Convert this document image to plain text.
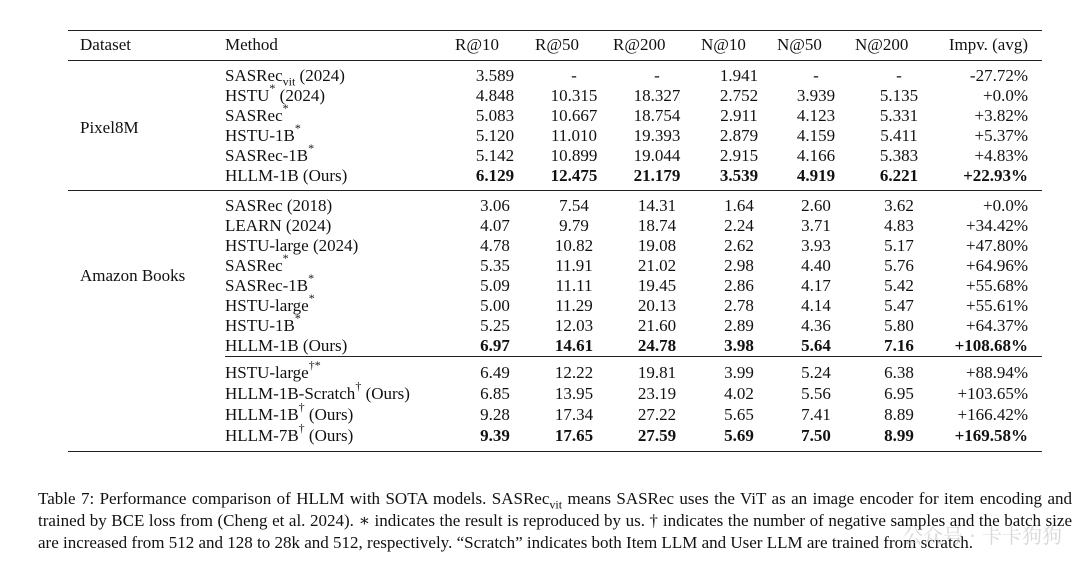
Dataset	Method	R@10	R@50	R@200	N@10	N@50	N@200	Impv. (avg)
Pixel8M	SASRec$_{vit}$ (2024)	3.589	-	-	1.941	-	-	-27.72%
	HSTU* (2024)	4.848	10.315	18.327	2.752	3.939	5.135	+0.0%
	SASRec*	5.083	10.667	18.754	2.911	4.123	5.331	+3.82%
	HSTU-1B*	5.120	11.010	19.393	2.879	4.159	5.411	+5.37%
	SASRec-1B*	5.142	10.899	19.044	2.915	4.166	5.383	+4.83%
	HLLM-1B (Ours)	6.129	12.475	21.179	3.539	4.919	6.221	+22.93%
Amazon Books	SASRec (2018)	3.06	7.54	14.31	1.64	2.60	3.62	+0.0%
	LEARN (2024)	4.07	9.79	18.74	2.24	3.71	4.83	+34.42%
	HSTU-large (2024)	4.78	10.82	19.08	2.62	3.93	5.17	+47.80%
	SASRec*	5.35	11.91	21.02	2.98	4.40	5.76	+64.96%
	SASRec-1B*	5.09	11.11	19.45	2.86	4.17	5.42	+55.68%
	HSTU-large*	5.00	11.29	20.13	2.78	4.14	5.47	+55.61%
	HSTU-1B*	5.25	12.03	21.60	2.89	4.36	5.80	+64.37%
	HLLM-1B (Ours)	6.97	14.61	24.78	3.98	5.64	7.16	+108.68%
	HSTU-large†*	6.49	12.22	19.81	3.99	5.24	6.38	+88.94%
	HLLM-1B-Scratch† (Ours)	6.85	13.95	23.19	4.02	5.56	6.95	+103.65%
	HLLM-1B† (Ours)	9.28	17.34	27.22	5.65	7.41	8.89	+166.42%
	HLLM-7B† (Ours)	9.39	17.65	27.59	5.69	7.50	8.99	+169.58%

Table 7: Performance comparison of HLLM with SOTA models. SASRec$_{vit}$ means SASRec uses the ViT as an image encoder for item encoding and trained by BCE loss from (Cheng et al. 2024). ∗ indicates the result is reproduced by us. † indicates the number of negative samples and the batch size are increased from 512 and 128 to 28k and 512, respectively. “Scratch” indicates both Item LLM and User LLM are trained from scratch.

公众号 · 卡卡狗狗
